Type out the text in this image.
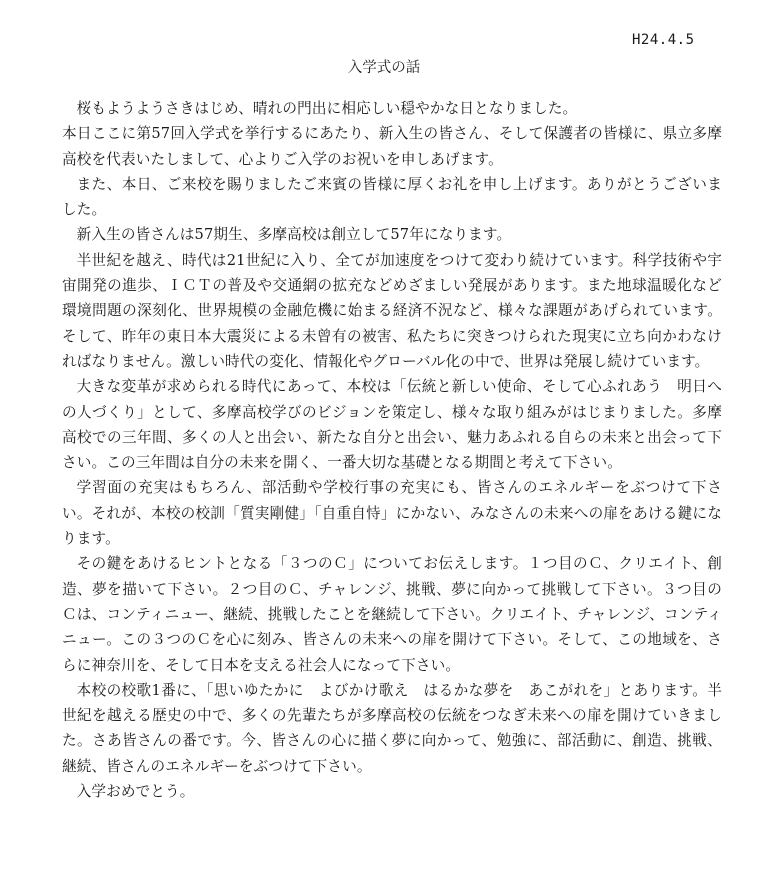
H24.4.5
入学式の話

桜もようようさきはじめ、晴れの門出に相応しい穏やかな日となりました。

本日ここに第57回入学式を挙行するにあたり、新入生の皆さん、そして保護者の皆様に、県立多摩高校を代表いたしまして、心よりご入学のお祝いを申しあげます。

また、本日、ご来校を賜りましたご来賓の皆様に厚くお礼を申し上げます。ありがとうございました。

新入生の皆さんは57期生、多摩高校は創立して57年になります。

半世紀を越え、時代は21世紀に入り、全てが加速度をつけて変わり続けています。科学技術や宇宙開発の進歩、ＩＣＴの普及や交通網の拡充などめざましい発展があります。また地球温暖化など環境問題の深刻化、世界規模の金融危機に始まる経済不況など、様々な課題があげられています。そして、昨年の東日本大震災による未曾有の被害、私たちに突きつけられた現実に立ち向かわなければなりません。激しい時代の変化、情報化やグローバル化の中で、世界は発展し続けています。

大きな変革が求められる時代にあって、本校は「伝統と新しい使命、そして心ふれあう　明日への人づくり」として、多摩高校学びのビジョンを策定し、様々な取り組みがはじまりました。多摩高校での三年間、多くの人と出会い、新たな自分と出会い、魅力あふれる自らの未来と出会って下さい。この三年間は自分の未来を開く、一番大切な基礎となる期間と考えて下さい。

学習面の充実はもちろん、部活動や学校行事の充実にも、皆さんのエネルギーをぶつけて下さい。それが、本校の校訓「質実剛健」「自重自恃」にかない、みなさんの未来への扉をあける鍵になります。

その鍵をあけるヒントとなる「３つのＣ」についてお伝えします。１つ目のＣ、クリエイト、創造、夢を描いて下さい。２つ目のＣ、チャレンジ、挑戦、夢に向かって挑戦して下さい。３つ目のＣは、コンティニュー、継続、挑戦したことを継続して下さい。クリエイト、チャレンジ、コンティニュー。この３つのＣを心に刻み、皆さんの未来への扉を開けて下さい。そして、この地域を、さらに神奈川を、そして日本を支える社会人になって下さい。

本校の校歌1番に、「思いゆたかに　よびかけ歌え　はるかな夢を　あこがれを」とあります。半世紀を越える歴史の中で、多くの先輩たちが多摩高校の伝統をつなぎ未来への扉を開けていきました。さあ皆さんの番です。今、皆さんの心に描く夢に向かって、勉強に、部活動に、創造、挑戦、継続、皆さんのエネルギーをぶつけて下さい。

入学おめでとう。
